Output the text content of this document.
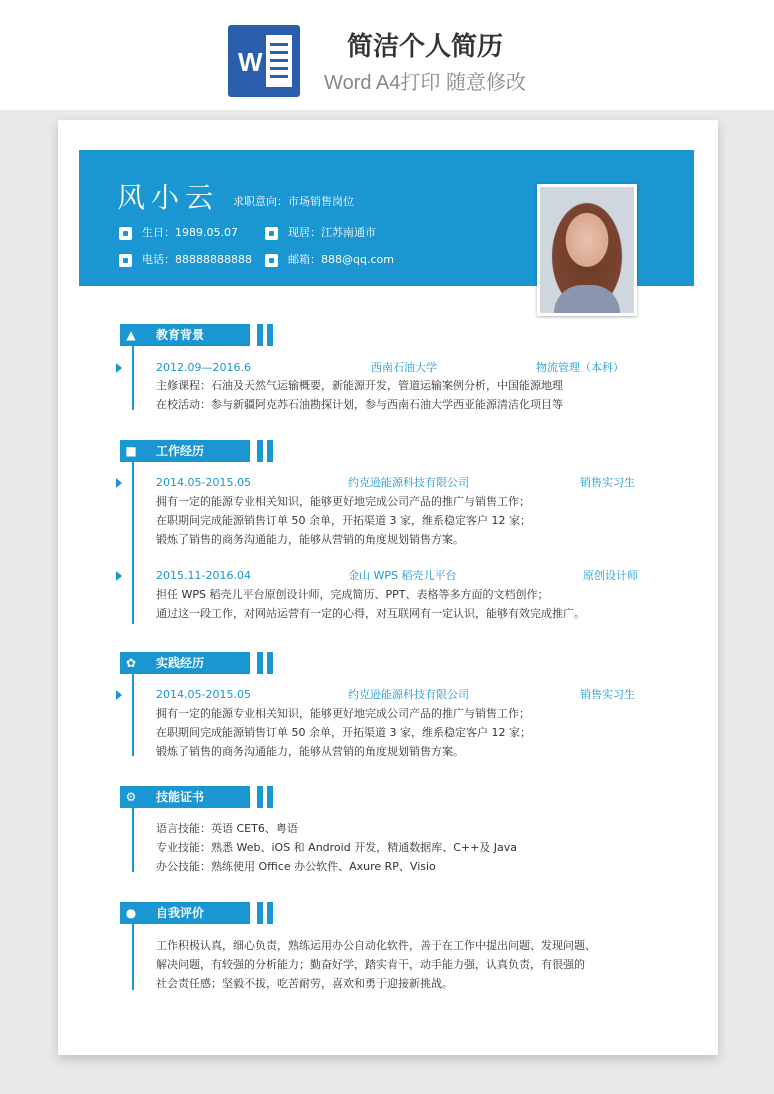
W	简洁个人简历
Word A4打印 随意修改
风小云 求职意向：市场销售岗位
生日：1989.05.07	现居：江苏南通市
电话：88888888888	邮箱：888@qq.com
▲ 教育背景
2012.09—2016.6	西南石油大学	物流管理（本科）
主修课程：石油及天然气运输概要，新能源开发，管道运输案例分析，中国能源地理
在校活动：参与新疆阿克苏石油勘探计划，参与西南石油大学西亚能源清洁化项目等
■ 工作经历
2014.05-2015.05	约克逊能源科技有限公司	销售实习生
拥有一定的能源专业相关知识，能够更好地完成公司产品的推广与销售工作；
在职期间完成能源销售订单 50 余单，开拓渠道 3 家，维系稳定客户 12 家；
锻炼了销售的商务沟通能力，能够从营销的角度规划销售方案。
2015.11-2016.04	金山 WPS 稻壳儿平台	原创设计师
担任 WPS 稻壳儿平台原创设计师，完成简历、PPT、表格等多方面的文档创作；
通过这一段工作，对网站运营有一定的心得，对互联网有一定认识，能够有效完成推广。
✿ 实践经历
2014.05-2015.05	约克逊能源科技有限公司	销售实习生
拥有一定的能源专业相关知识，能够更好地完成公司产品的推广与销售工作；
在职期间完成能源销售订单 50 余单，开拓渠道 3 家，维系稳定客户 12 家；
锻炼了销售的商务沟通能力，能够从营销的角度规划销售方案。
⚙ 技能证书
语言技能：英语 CET6、粤语
专业技能：熟悉 Web、iOS 和 Android 开发，精通数据库、C++及 Java
办公技能：熟练使用 Office 办公软件、Axure RP、Visio
● 自我评价
工作积极认真，细心负责，熟练运用办公自动化软件，善于在工作中提出问题、发现问题、
解决问题，有较强的分析能力；勤奋好学，踏实肯干，动手能力强，认真负责，有很强的
社会责任感；坚毅不拔，吃苦耐劳，喜欢和勇于迎接新挑战。
